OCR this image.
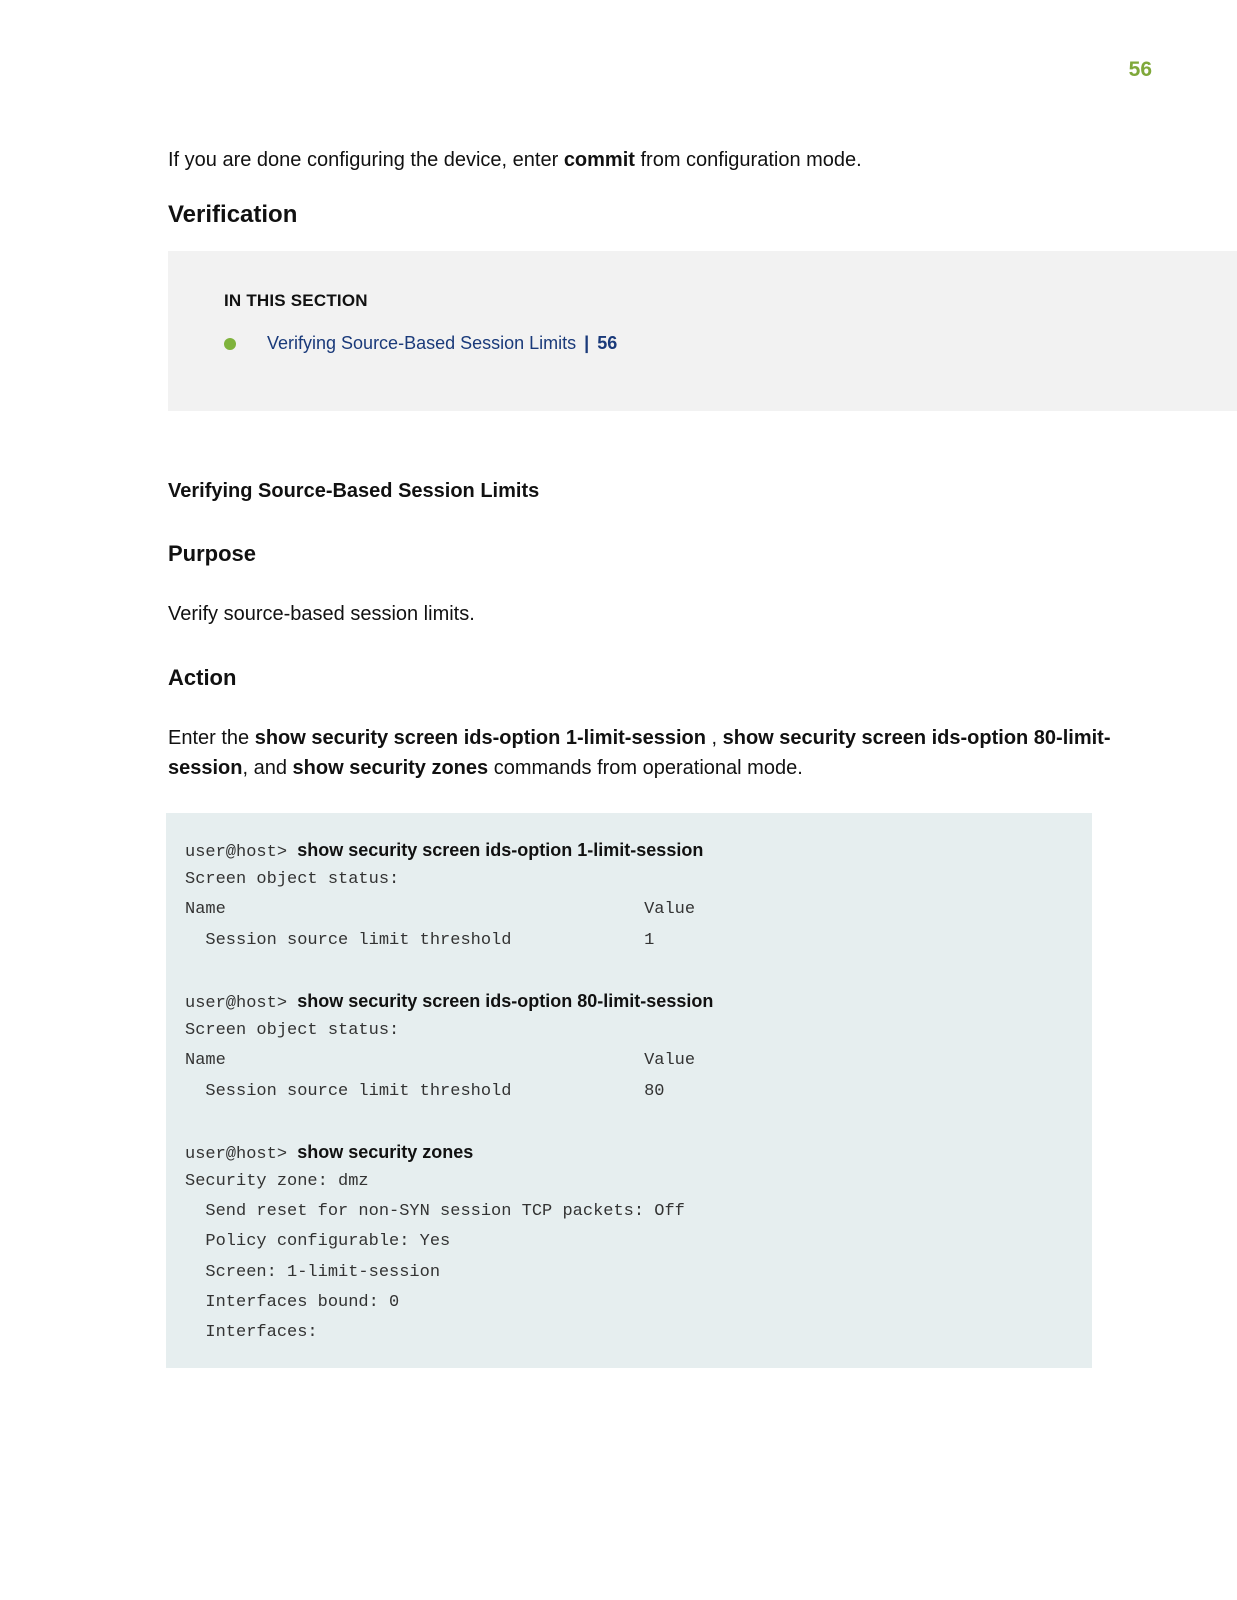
56

If you are done configuring the device, enter commit from configuration mode.

Verification
IN THIS SECTION
Verifying Source-Based Session Limits | 56
Verifying Source-Based Session Limits
Purpose

Verify source-based session limits.

Action

Enter the show security screen ids-option 1-limit-session , show security screen ids-option 80-limit-session, and show security zones commands from operational mode.

user@host> show security screen ids-option 1-limit-session
Screen object status:
Name                                         Value
Session source limit threshold             1
user@host> show security screen ids-option 80-limit-session
Screen object status:
Name                                         Value
Session source limit threshold             80
user@host> show security zones
Security zone: dmz
Send reset for non-SYN session TCP packets: Off
Policy configurable: Yes
Screen: 1-limit-session
Interfaces bound: 0
Interfaces:
